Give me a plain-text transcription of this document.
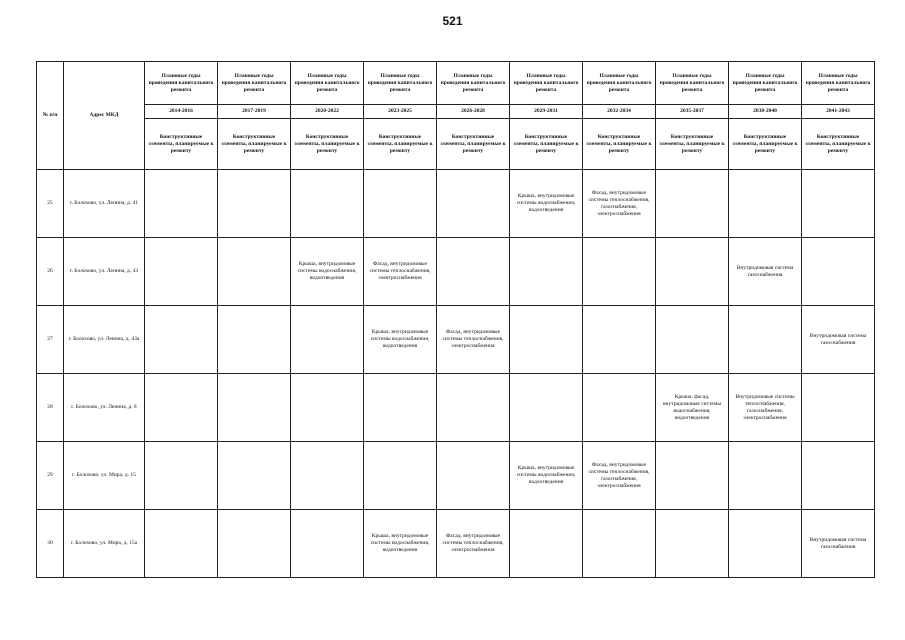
521
№ п/п	Адрес МКД	Плановые годы проведения капитального ремонта	Плановые годы проведения капитального ремонта	Плановые годы проведения капитального ремонта	Плановые годы проведения капитального ремонта	Плановые годы проведения капитального ремонта	Плановые годы проведения капитального ремонта	Плановые годы проведения капитального ремонта	Плановые годы проведения капитального ремонта	Плановые годы проведения капитального ремонта	Плановые годы проведения капитального ремонта
		2014-2016	2017-2019	2020-2022	2023-2025	2026-2028	2029-2031	2032-2034	2035-2037	2038-2040	2041-2043
		Конструктивные элементы, планируемые к ремонту	Конструктивные элементы, планируемые к ремонту	Конструктивные элементы, планируемые к ремонту	Конструктивные элементы, планируемые к ремонту	Конструктивные элементы, планируемые к ремонту	Конструктивные элементы, планируемые к ремонту	Конструктивные элементы, планируемые к ремонту	Конструктивные элементы, планируемые к ремонту	Конструктивные элементы, планируемые к ремонту	Конструктивные элементы, планируемые к ремонту
25	г. Болохово, ул. Ленина, д. 41						Крыша, внутридомовые системы водоснабжения, водоотведения	Фасад, внутридомовые системы теплоснабжения, газоснабжения, электроснабжения			
26	г. Болохово, ул. Ленина, д. 43			Крыша, внутридомовые системы водоснабжения, водоотведения	Фасад, внутридомовые системы теплоснабжения, электроснабжения					Внутридомовая система газоснабжения	
27	г. Болохово, ул. Ленина, д. 43а				Крыша, внутридомовые системы водоснабжения, водоотведения	Фасад, внутридомовые системы теплоснабжения, электроснабжения					Внутридомовая система газоснабжения
28	г. Болохово, ул. Ленина, д. 8								Крыша, фасад, внутридомовые системы водоснабжения, водоотведения	Внутридомовые системы теплоснабжения, газоснабжения, электроснабжения	
29	г. Болохово, ул. Мира, д. 15						Крыша, внутридомовые системы водоснабжения, водоотведения	Фасад, внутридомовые системы теплоснабжения, газоснабжения, электроснабжения			
30	г. Болохово, ул. Мира, д. 15а				Крыша, внутридомовые системы водоснабжения, водоотведения	Фасад, внутридомовые системы теплоснабжения, электроснабжения					Внутридомовая система газоснабжения
